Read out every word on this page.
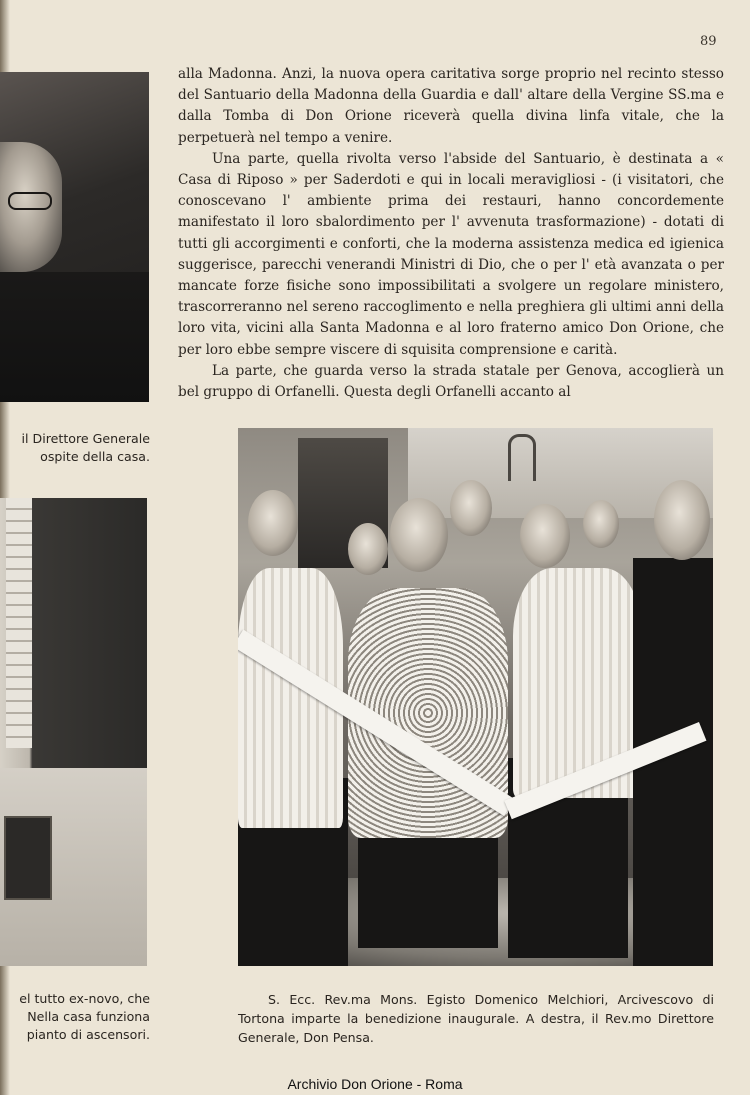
89
il Direttore Generale
ospite della casa.
el tutto ex-novo, che
Nella casa funziona
pianto di ascensori.

alla Madonna. Anzi, la nuova opera caritativa sorge proprio nel recinto stesso del Santuario della Madonna della Guardia e dall' altare della Vergine SS.ma e dalla Tomba di Don Orione riceverà quella divina linfa vitale, che la perpetuerà nel tempo a venire.

Una parte, quella rivolta verso l'abside del Santuario, è destinata a « Casa di Riposo » per Saderdoti e qui in locali meravigliosi - (i visitatori, che conoscevano l' ambiente prima dei restauri, hanno concordemente manifestato il loro sbalordimento per l' avvenuta trasformazione) - dotati di tutti gli accorgimenti e conforti, che la moderna assistenza medica ed igienica suggerisce, parecchi venerandi Ministri di Dio, che o per l' età avanzata o per mancate forze fisiche sono impossibilitati a svolgere un regolare ministero, trascorreranno nel sereno raccoglimento e nella preghiera gli ultimi anni della loro vita, vicini alla Santa Madonna e al loro fraterno amico Don Orione, che per loro ebbe sempre viscere di squisita comprensione e carità.

La parte, che guarda verso la strada statale per Genova, accoglierà un bel gruppo di Orfanelli. Questa degli Orfanelli accanto al

S. Ecc. Rev.ma Mons. Egisto Domenico Melchiori, Arcivescovo di Tortona imparte la benedizione inaugurale. A destra, il Rev.mo Direttore Generale, Don Pensa.

Archivio Don Orione - Roma
